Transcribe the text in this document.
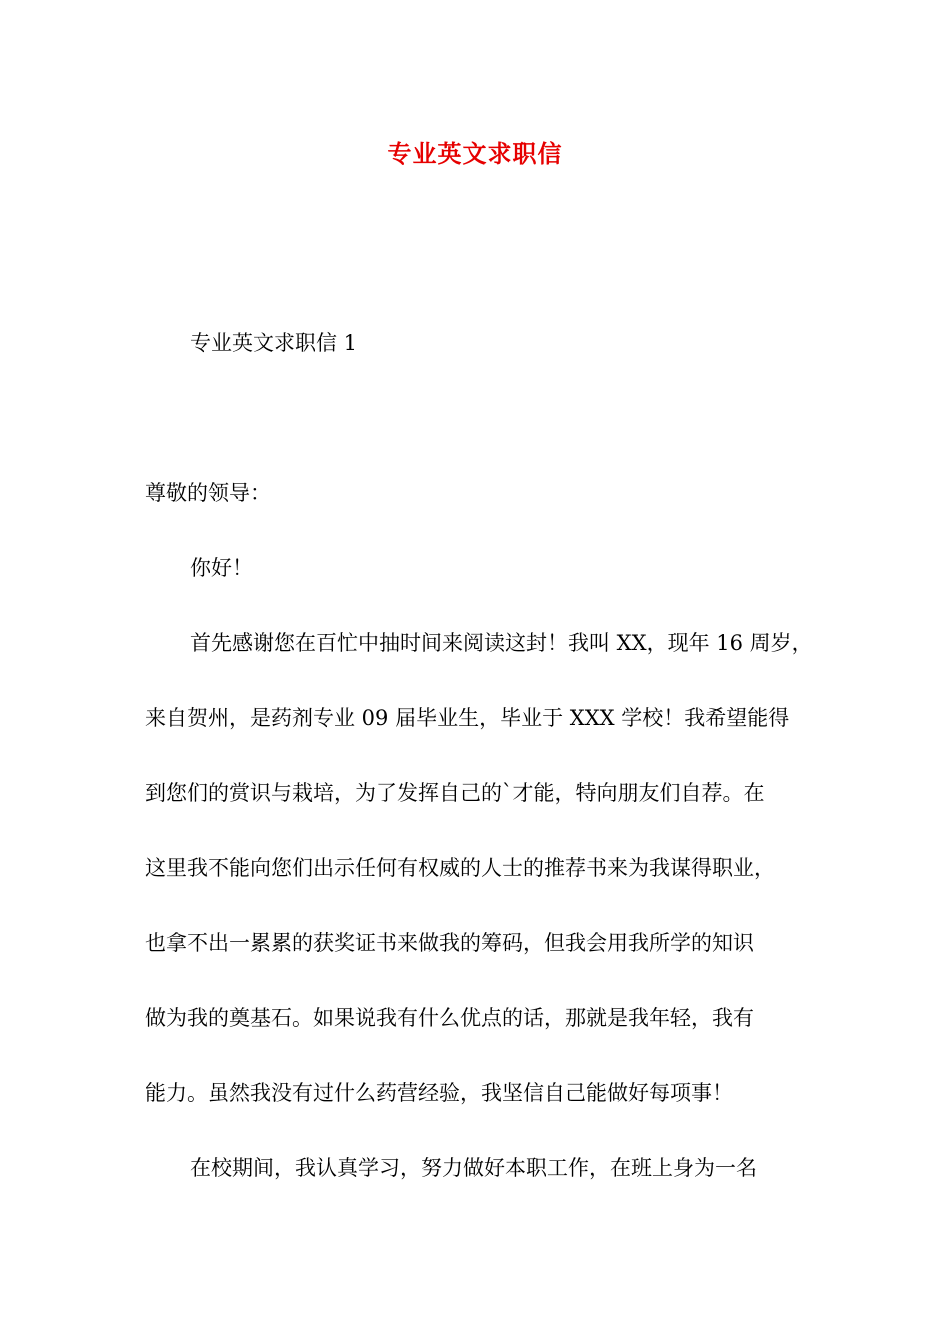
专业英文求职信
专业英文求职信 1
尊敬的领导：
你好！
首先感谢您在百忙中抽时间来阅读这封！我叫 XX，现年 16 周岁，
来自贺州，是药剂专业 09 届毕业生，毕业于 XXX 学校！我希望能得
到您们的赏识与栽培，为了发挥自己的`才能，特向朋友们自荐。在
这里我不能向您们出示任何有权威的人士的推荐书来为我谋得职业，
也拿不出一累累的获奖证书来做我的筹码，但我会用我所学的知识
做为我的奠基石。如果说我有什么优点的话，那就是我年轻，我有
能力。虽然我没有过什么药营经验，我坚信自己能做好每项事！
在校期间，我认真学习，努力做好本职工作，在班上身为一名
